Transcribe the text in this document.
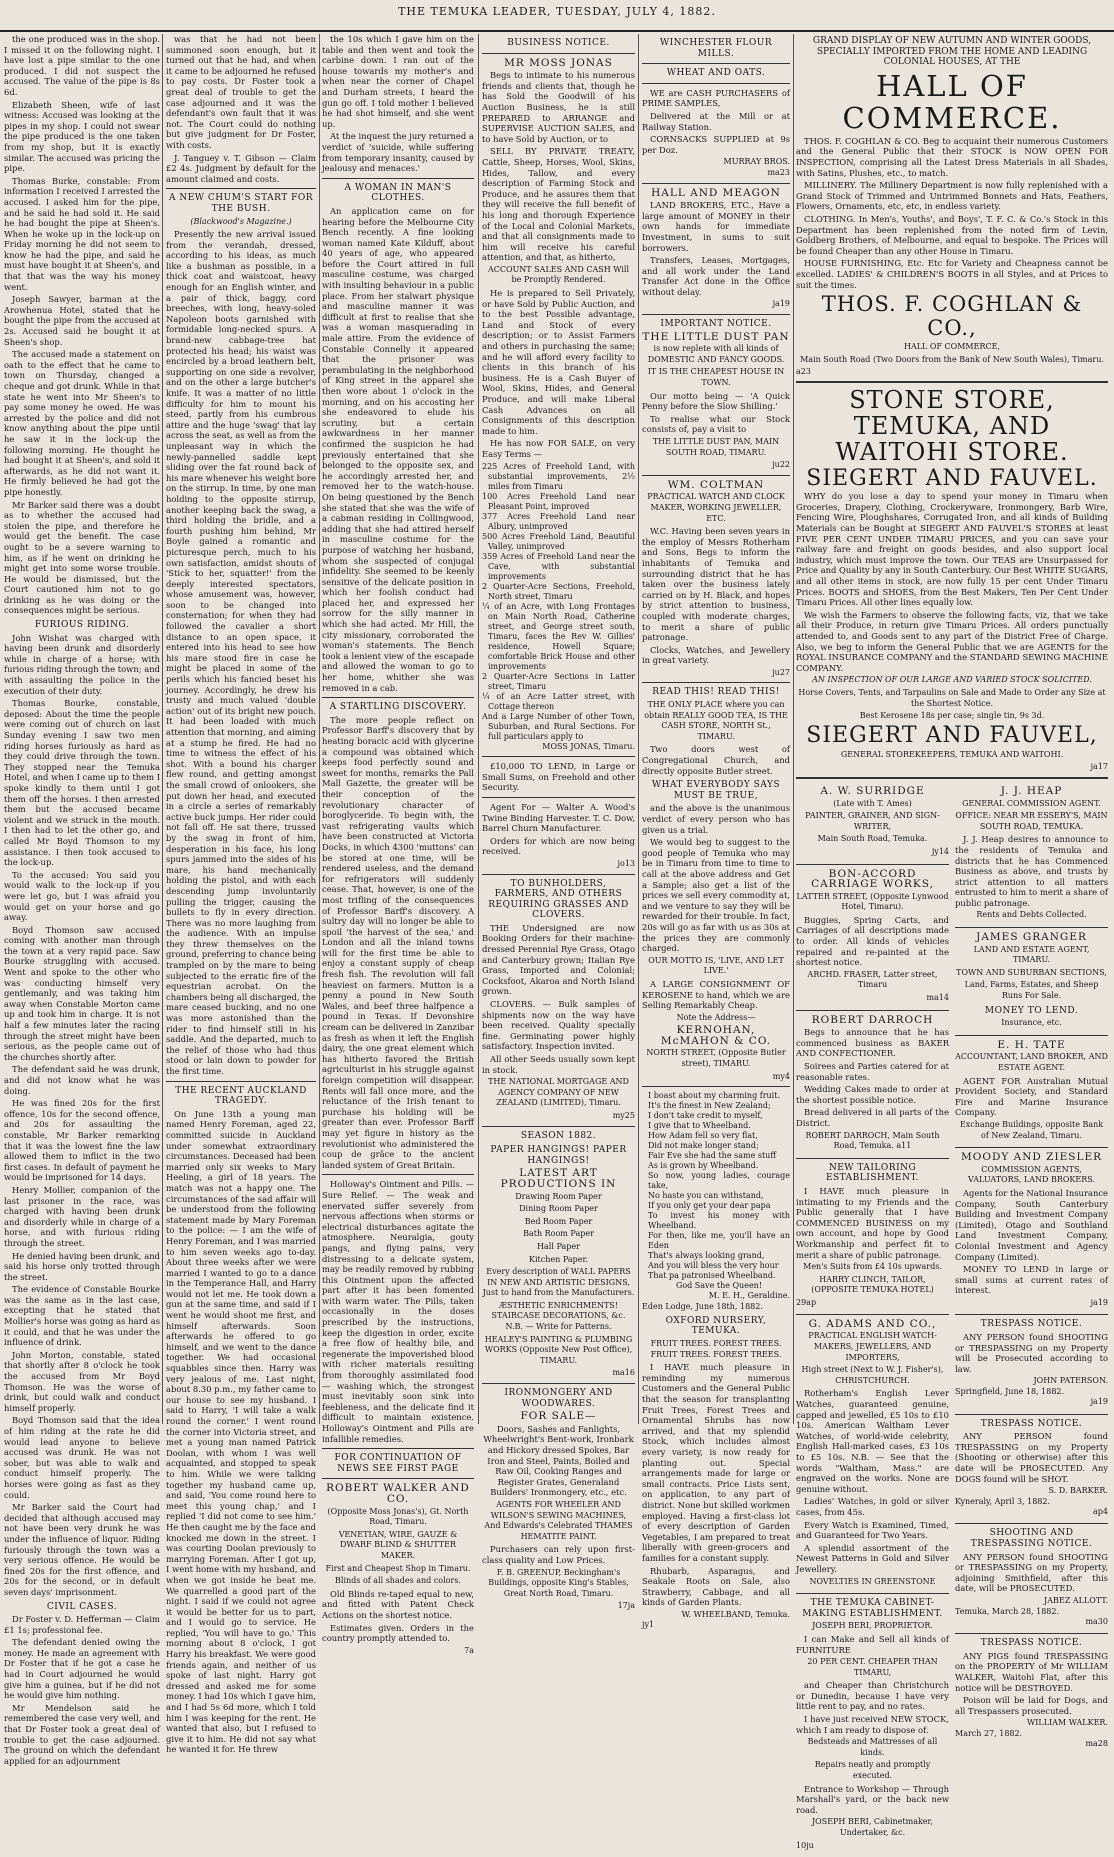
THE TEMUKA LEADER, TUESDAY, JULY 4, 1882.

the one produced was in the shop. I missed it on the following night. I have lost a pipe similar to the one produced. I did not suspect the accused. The value of the pipe is 8s 6d.

Elizabeth Sheen, wife of last witness: Accused was looking at the pipes in my shop. I could not swear the pipe produced is the one taken from my shop, but it is exactly similar. The accused was pricing the pipe.

Thomas Burke, constable: From information I received I arrested the accused. I asked him for the pipe, and he said he had sold it. He said he had bought the pipe at Sheen's. When he woke up in the lock-up on Friday morning he did not seem to know he had the pipe, and said he must have bought it at Sheen's, and that that was the way his money went.

Joseph Sawyer, barman at the Arowhenua Hotel, stated that he bought the pipe from the accused at 2s. Accused said he bought it at Sheen's shop.

The accused made a statement on oath to the effect that he came to town on Thursday, changed a cheque and got drunk. While in that state he went into Mr Sheen's to pay some money he owed. He was arrested by the police and did not know anything about the pipe until he saw it in the lock-up the following morning. He thought he had bought it at Sheen's, and sold it afterwards, as he did not want it. He firmly believed he had got the pipe honestly.

Mr Barker said there was a doubt as to whether the accused had stolen the pipe, and therefore he would get the benefit. The case ought to be a severe warning to him, as if he went on drinking he might get into some worse trouble. He would be dismissed, but the Court cautioned him not to go drinking as he was doing or the consequences might be serious.

FURIOUS RIDING.

John Wishat was charged with having been drunk and disorderly while in charge of a horse; with furious riding through the town; and with assaulting the police in the execution of their duty.

Thomas Bourke, constable, deposed: About the time the people were coming out of church on last Sunday evening I saw two men riding horses furiously as hard as they could drive through the town. They stopped near the Temuka Hotel, and when I came up to them I spoke kindly to them until I got them off the horses. I then arrested them but the accused became violent and we struck in the mouth. I then had to let the other go, and called Mr Boyd Thomson to my assistance. I then took accused to the lock-up.

To the accused: You said you would walk to the lock-up if you were let go, but I was afraid you would get on your horse and go away.

Boyd Thomson saw accused coming with another man through the town at a very rapid pace. Saw Bourke struggling with accused. Went and spoke to the other who was conducting himself very gentlemanly, and was taking him away when Constable Morton came up and took him in charge. It is not half a few minutes later the racing through the street might have been serious, as the people came out of the churches shortly after.

The defendant said he was drunk, and did not know what he was doing.

He was fined 20s for the first offence, 10s for the second offence, and 20s for assaulting the constable, Mr Barker remarking that it was the lowest fine the law allowed them to inflict in the two first cases. In default of payment he would be imprisoned for 14 days.

Henry Mollier, companion of the last prisoner in the race, was charged with having been drunk and disorderly while in charge of a horse, and with furious riding through the street.

He denied having been drunk, and said his horse only trotted through the street.

The evidence of Constable Bourke was the same as in the last case, excepting that he stated that Mollier's horse was going as hard as it could, and that he was under the influence of drink.

John Morton, constable, stated that shortly after 8 o'clock he took the accused from Mr Boyd Thomson. He was the worse of drink, but could walk and conduct himself properly.

Boyd Thomson said that the idea of him riding at the rate he did would lead anyone to believe accused was drunk. He was not sober, but was able to walk and conduct himself properly. The horses were going as fast as they could.

Mr Barker said the Court had decided that although accused may not have been very drunk he was under the influence of liquor. Riding furiously through the town was a very serious offence. He would be fined 20s for the first offence, and 20s for the second, or in default seven days' imprisonment.

CIVIL CASES.

Dr Foster v. D. Hefferman — Claim £1 1s; professional fee.

The defendant denied owing the money. He made an agreement with Dr Foster that if he got a case he had in Court adjourned he would give him a guinea, but if he did not he would give him nothing.

Mr Mendelson said he remembered the case very well, and that Dr Foster took a great deal of trouble to get the case adjourned. The ground on which the defendant applied for an adjournment

was that he had not been summoned soon enough, but it turned out that he had, and when it came to be adjourned he refused to pay costs. Dr Foster took a great deal of trouble to get the case adjourned and it was the defendant's own fault that it was not. The Court could do nothing but give judgment for Dr Foster, with costs.

J. Tanguey v. T. Gibson — Claim £2 4s. Judgment by default for the amount claimed and costs.

A NEW CHUM'S START FOR THE BUSH.
(Blackwood's Magazine.)

Presently the new arrival issued from the verandah, dressed, according to his ideas, as much like a bushman as possible, in a thick coat and waistcoat, heavy enough for an English winter, and a pair of thick, baggy, cord breeches, with long, heavy-soled Napoleon boots garnished with formidable long-necked spurs. A brand-new cabbage-tree hat protected his head; his waist was encircled by a broad leathern belt, supporting on one side a revolver, and on the other a large butcher's knife. It was a matter of no little difficulty for him to mount his steed, partly from his cumbrous attire and the huge 'swag' that lay across the seat, as well as from the unpleasant way in which the newly-pannelled saddle kept sliding over the fat round back of his mare whenever his weight bore on the stirrup. In time, by one man holding to the opposite stirrup, another keeping back the swag, a third holding the bridle, and a fourth pushing him behind, Mr Boyle gained a romantic and picturesque perch, much to his own satisfaction, amidst shouts of 'Stick to her, squatter!' from the deeply interested spectators, whose amusement was, however, soon to be changed into consternation; for when they had followed the cavalier a short distance to an open space, it entered into his head to see how his mare stood fire in case he might be placed in some of the perils which his fancied beset his journey. Accordingly, he drew his trusty and much valued 'double action' out of its bright new pouch. It had been loaded with much attention that morning, and aiming at a stump he fired. He had no time to witness the effect of his shot. With a bound his charger flew round, and getting amongst the small crowd of onlookers, she put down her head, and executed in a circle a series of remarkably active buck jumps. Her rider could not fall off. He sat there, trussed by the swag in front of him, desperation in his face, his long spurs jammed into the sides of his mare, his hand mechanically holding the pistol, and with each descending jump involuntarily pulling the trigger, causing the bullets to fly in every direction. There was no more laughing from the audience. With an impulse they threw themselves on the ground, preferring to chance being trampled on by the mare to being subjected to the erratic fire of the equestrian acrobat. On the chambers being all discharged, the mare ceased bucking, and no one was more astonished than the rider to find himself still in his saddle. And the departed, much to the relief of those who had thus stood or lain down to powder for the first time.

THE RECENT AUCKLAND TRAGEDY.

On June 13th a young man named Henry Foreman, aged 22, committed suicide in Auckland under somewhat extraordinary circumstances. Deceased had been married only six weeks to Mary Heeling, a girl of 18 years. The match was not a happy one. The circumstances of the sad affair will be understood from the following statement made by Mary Foreman to the police: — I am the wife of Henry Foreman, and I was married to him seven weeks ago to-day. About three weeks after we were married I wanted to go to a dance in the Temperance Hall, and Harry would not let me. He took down a gun at the same time, and said if I went he would shoot me first, and himself afterwards. Soon afterwards he offered to go himself, and we went to the dance together. We had occasional squabbles since then. Harry was very jealous of me. Last night, about 8.30 p.m., my father came to our house to see my husband. I said to Harry, 'I will take a walk round the corner.' I went round the corner into Victoria street, and met a young man named Patrick Doolan, with whom I was well acquainted, and stopped to speak to him. While we were talking together my husband came up, and said, 'You come round here to meet this young chap,' and I replied 'I did not come to see him.' He then caught me by the face and knocked me down in the street. I was courting Doolan previously to marrying Foreman. After I got up, I went home with my husband, and when we got inside he beat me. We quarrelled a good part of the night. I said if we could not agree it would be better for us to part, and I would go to service. He replied, 'You will have to go.' This morning about 8 o'clock, I got Harry his breakfast. We were good friends again, and neither of us spoke of last night. Harry got dressed and asked me for some money. I had 10s which I gave him, and I had 5s 6d more, which I told him I was keeping for the rent. He wanted that also, but I refused to give it to him. He did not say what he wanted it for. He threw

the 10s which I gave him on the table and then went and took the carbine down. I ran out of the house towards my mother's and when near the corner of Chapel and Durham streets, I heard the gun go off. I told mother I believed he had shot himself, and she went up.

At the inquest the jury returned a verdict of 'suicide, while suffering from temporary insanity, caused by jealousy and menaces.'

A WOMAN IN MAN'S CLOTHES.

An application came on for hearing before the Melbourne City Bench recently. A fine looking woman named Kate Kilduff, about 40 years of age, who appeared before the Court attired in full masculine costume, was charged with insulting behaviour in a public place. From her stalwart physique and masculine manner it was difficult at first to realise that she was a woman masquerading in male attire. From the evidence of Constable Connelly it appeared that the prisoner was perambulating in the neighborhood of King street in the apparel she then wore about 1 o'clock in the morning, and on his accosting her she endeavored to elude his scrutiny, but a certain awkwardness in her manner confirmed the suspicion he had previously entertained that she belonged to the opposite sex, and he accordingly arrested her, and removed her to the watch-house. On being questioned by the Bench she stated that she was the wife of a cabman residing in Collingwood, adding that she had attired herself in masculine costume for the purpose of watching her husband, whom she suspected of conjugal infidelity. She seemed to be keenly sensitive of the delicate position in which her foolish conduct had placed her, and expressed her sorrow for the silly manner in which she had acted. Mr Hill, the city missionary, corroborated the woman's statements. The Bench took a lenient view of the escapade and allowed the woman to go to her home, whither she was removed in a cab.

A STARTLING DISCOVERY.

The more people reflect on Professor Barff's discovery that by heating boracic acid with glycerine a compound was obtained which keeps food perfectly sound and sweet for months, remarks the Pall Mall Gazette, the greater will be their conception of the revolutionary character of boroglyceride. To begin with, the vast refrigerating vaults which have been constructed at Victoria Docks, in which 4300 'muttons' can be stored at one time, will be rendered useless, and the demand for refrigerators will suddenly cease. That, however, is one of the most trifling of the consequences of Professor Barff's discovery. A sultry day will no longer be able to spoil 'the harvest of the sea,' and London and all the inland towns will for the first time be able to enjoy a constant supply of cheap fresh fish. The revolution will fall heaviest on farmers. Mutton is a penny a pound in New South Wales, and beef three halfpence a pound in Texas. If Devonshire cream can be delivered in Zanzibar as fresh as when it left the English dairy, the one great element which has hitherto favored the British agriculturist in his struggle against foreign competition will disappear. Rents will fall once more, and the reluctance of the Irish tenant to purchase his holding will be greater than ever. Professor Barff may yet figure in history as the revolutionist who administered the coup de grâce to the ancient landed system of Great Britain.

Holloway's Ointment and Pills. — Sure Relief. — The weak and enervated suffer severely from nervous affections when storms or electrical disturbances agitate the atmosphere. Neuralgia, gouty pangs, and flying pains, very distressing to a delicate system, may be readily removed by rubbing this Ointment upon the affected part after it has been fomented with warm water. The Pills, taken occasionally in the doses prescribed by the instructions, keep the digestion in order, excite a free flow of healthy bile, and regenerate the impoverished blood with richer materials resulting from thoroughly assimilated food — washing which, the strongest must inevitably soon sink into feebleness, and the delicate find it difficult to maintain existence. Holloway's Ointment and Pills are infallible remedies.

FOR CONTINUATION OF NEWS SEE FIRST PAGE
ROBERT WALKER AND CO.
(Opposite Moss Jonas's), Gt. North Road, Timaru.
VENETIAN, WIRE, GAUZE & DWARF BLIND & SHUTTER MAKER.
First and Cheapest Shop in Timaru.
Blinds of all shades and colors.

Old Blinds re-taped equal to new, and fitted with Patent Check Actions on the shortest notice.

Estimates given. Orders in the country promptly attended to.

7a
BUSINESS NOTICE.
MR MOSS JONAS

Begs to intimate to his numerous friends and clients that, though he has Sold the Goodwill of his Auction Business, he is still PREPARED to ARRANGE and SUPERVISE AUCTION SALES, and to have Sold by Auction, or to

SELL BY PRIVATE TREATY, Cattle, Sheep, Horses, Wool, Skins, Hides, Tallow, and every description of Farming Stock and Produce, and he assures them that they will receive the full benefit of his long and thorough Experience of the Local and Colonial Markets, and that all consignments made to him will receive his careful attention, and that, as hitherto,

ACCOUNT SALES AND CASH Will be Promptly Rendered.

He is prepared to Sell Privately, or have Sold by Public Auction, and to the best Possible advantage, Land and Stock of every description; or to Assist Farmers and others in purchasing the same; and he will afford every facility to clients in this branch of his business. He is a Cash Buyer of Wool, Skins, Hides, and General Produce, and will make Liberal Cash Advances on all Consignments of this description made to him.

He has now FOR SALE, on very Easy Terms —

225 Acres of Freehold Land, with substantial improvements, 2½ miles from Timaru
100 Acres Freehold Land near Pleasant Point, improved
377 Acres Freehold Land near Albury, unimproved
500 Acres Freehold Land, Beautiful Valley, unimproved
359 Acres of Freehold Land near the Cave, with substantial improvements
2 Quarter-Acre Sections, Freehold, North street, Timaru
¼ of an Acre, with Long Frontages on Main North Road, Catherine street, and George street south, Timaru, faces the Rev W. Gillies' residence, Howell Square; comfortable Brick House and other improvements
2 Quarter-Acre Sections in Latter street, Timaru
¼ of an Acre Latter street, with Cottage thereon
And a Large Number of other Town, Suburban, and Rural Sections. For full particulars apply to
MOSS JONAS, Timaru.

£10,000 TO LEND, in Large or Small Sums, on Freehold and other Security.

Agent For — Walter A. Wood's Twine Binding Harvester. T. C. Dow, Barrel Churn Manufacturer.

Orders for which are now being received.

jo13
TO BUNHOLDERS, FARMERS, AND OTHERS REQUIRING GRASSES AND CLOVERS.

THE Undersigned are now Booking Orders for their machine-dressed Perennial Rye Grass, Otago and Canterbury grown; Italian Rye Grass, Imported and Colonial; Cocksfoot, Akaroa and North Island grown.

CLOVERS. — Bulk samples of shipments now on the way have been received. Quality specially fine. Germinating power highly satisfactory. Inspection invited.

All other Seeds usually sown kept in stock.

THE NATIONAL MORTGAGE AND AGENCY COMPANY OF NEW ZEALAND (LIMITED), Timaru.
my25
SEASON 1882.
PAPER HANGINGS! PAPER HANGINGS!
LATEST ART PRODUCTIONS IN
Drawing Room Paper
Dining Room Paper
Bed Room Paper
Bath Room Paper
Hall Paper
Kitchen Paper.
Every description of WALL PAPERS IN NEW AND ARTISTIC DESIGNS, Just to hand from the Manufacturers.
ÆSTHETIC ENRICHMENTS! STAIRCASE DECORATIONS, &c. N.B. — Write for Patterns.
HEALEY'S PAINTING & PLUMBING WORKS (Opposite New Post Office), TIMARU.
ma16
IRONMONGERY AND WOODWARES.
FOR SALE—

Doors, Sashes and Fanlights, Wheelwright's Bent-work, Ironbark and Hickory dressed Spokes, Bar Iron and Steel, Paints, Boiled and Raw Oil, Cooking Ranges and Register Grates, Generaland Builders' Ironmongery, etc., etc.

AGENTS FOR WHEELER AND WILSON'S SEWING MACHINES, And Edwards's Celebrated THAMES HEMATITE PAINT.

Purchasers can rely upon first-class quality and Low Prices.

F. B. GREENUP, Beckingham's Buildings, opposite King's Stables, Great North Road, Timaru.
17ja
WINCHESTER FLOUR MILLS.
WHEAT AND OATS.

WE are CASH PURCHASERS of PRIME SAMPLES,

Delivered at the Mill or at Railway Station.

CORNSACKS SUPPLIED at 9s per Doz.

MURRAY BROS.
ma23
HALL AND MEAGON

LAND BROKERS, ETC., Have a large amount of MONEY in their own hands for immediate Investment, in sums to suit borrowers.

Transfers, Leases, Mortgages, and all work under the Land Transfer Act done in the Office without delay.

ja19
IMPORTANT NOTICE.
THE LITTLE DUST PAN
is now replete with all kinds of DOMESTIC AND FANCY GOODS.
IT IS THE CHEAPEST HOUSE IN TOWN.

Our motto being — 'A Quick Penny before the Slow Shilling.'

To realise what our Stock consists of, pay a visit to

THE LITTLE DUST PAN, MAIN SOUTH ROAD, TIMARU.
ju22
WM. COLTMAN
PRACTICAL WATCH AND CLOCK MAKER, WORKING JEWELLER, ETC.

W.C. Having been seven years in the employ of Messrs Rotherham and Sons, Begs to inform the inhabitants of Temuka and surrounding district that he has taken over the business lately carried on by H. Black, and hopes by strict attention to business, coupled with moderate charges, to merit a share of public patronage.

Clocks, Watches, and Jewellery in great variety.

ju27
READ THIS! READ THIS!
THE ONLY PLACE where you can obtain REALLY GOOD TEA, IS THE CASH STORE, NORTH St., TIMARU.

Two doors west of Congregational Church, and directly opposite Butler street.

WHAT EVERYBODY SAYS MUST BE TRUE,

and the above is the unanimous verdict of every person who has given us a trial.

We would beg to suggest to the good people of Temuka who may be in Timaru from time to time to call at the above address and Get a Sample; also get a list of the prices we sell every commodity at, and we venture to say they will be rewarded for their trouble. In fact, 20s will go as far with us as 30s at the prices they are commonly charged.

OUR MOTTO IS, 'LIVE, AND LET LIVE.'

A LARGE CONSIGNMENT OF KEROSENE to hand, which we are Selling Remarkably Cheap.

Note the Address—
KERNOHAN, McMAHON & CO.
NORTH STREET, (Opposite Butler street), TIMARU.
my4
I boast about my charming fruit.
It's the finest in New Zealand;
I don't take credit to myself,
I give that to Wheelband.
How Adam fell so very flat,
Did not make longer stand;
Fair Eve she had the same stuff
As is grown by Wheelband.
So now, young ladies, courage take,
No haste you can withstand,
If you only get your dear papa
To invest his money with Wheelband.
For then, like me, you'll have an Eden
That's always looking grand,
And you will bless the very hour
That pa patronised Wheelband.
God Save the Queen!
M. E. H., Geraldine.
Eden Lodge, June 18th, 1882.
OXFORD NURSERY, TEMUKA.
FRUIT TREES. FOREST TREES. FRUIT TREES. FOREST TREES.

I HAVE much pleasure in reminding my numerous Customers and the General Public that the season for transplanting Fruit Trees, Forest Trees and Ornamental Shrubs has now arrived, and that my splendid Stock, which includes almost every variety, is now ready for planting out. Special arrangements made for large or small contracts. Price Lists sent, on application, to any part of district. None but skilled workmen employed. Having a first-class lot of every description of Garden Vegetables, I am prepared to treat liberally with green-grocers and families for a constant supply.

Rhubarb, Asparagus, and Seakale Roots on Sale, also Strawberry, Cabbage, and all kinds of Garden Plants.

W. WHEELBAND, Temuka.
jy1
GRAND DISPLAY OF NEW AUTUMN AND WINTER GOODS, SPECIALLY IMPORTED FROM THE HOME AND LEADING COLONIAL HOUSES, AT THE
HALL OF COMMERCE.

THOS. F. COGHLAN & CO. Beg to acquaint their numerous Customers and the General Public that their STOCK is NOW OPEN FOR INSPECTION, comprising all the Latest Dress Materials in all Shades, with Satins, Plushes, etc., to match.

MILLINERY. The Millinery Department is now fully replenished with a Grand Stock of Trimmed and Untrimmed Bonnets and Hats, Feathers, Flowers, Ornaments, etc, etc, in endless variety.

CLOTHING. In Men's, Youths', and Boys', T. F. C. & Co.'s Stock in this Department has been replenished from the noted firm of Levin, Goldberg Brothers, of Melbourne, and equal to bespoke. The Prices will be found Cheaper than any other House in Timaru.

HOUSE FURNISHING, Etc. Etc for Variety and Cheapness cannot be excelled. LADIES' & CHILDREN'S BOOTS in all Styles, and at Prices to suit the times.

THOS. F. COGHLAN & CO.,
HALL OF COMMERCE,
Main South Road (Two Doors from the Bank of New South Wales), Timaru.
a23
STONE STORE, TEMUKA, AND WAITOHI STORE.
SIEGERT AND FAUVEL.

WHY do you lose a day to spend your money in Timaru when Groceries, Drapery, Clothing, Crockeryware, Ironmongery, Barb Wire, Fencing Wire, Ploughshares, Corrugated Iron, and all kinds of Building Materials can be Bought at SIEGERT AND FAUVEL'S STORES at least FIVE PER CENT UNDER TIMARU PRICES, and you can save your railway fare and freight on goods besides, and also support local industry, which must improve the town. Our TEAS are Unsurpassed for Price and Quality by any in South Canterbury. Our Best WHITE SUGARS, and all other items in stock, are now fully 15 per cent Under Timaru Prices. BOOTS and SHOES, from the Best Makers, Ten Per Cent Under Timaru Prices. All other lines equally low.

We wish the Farmers to observe the following facts, viz, that we take all their Produce, in return give Timaru Prices. All orders punctually attended to, and Goods sent to any part of the District Free of Charge. Also, we beg to inform the General Public that we are AGENTS for the ROYAL INSURANCE COMPANY and the STANDARD SEWING MACHINE COMPANY.

AN INSPECTION OF OUR LARGE AND VARIED STOCK SOLICITED.
Horse Covers, Tents, and Tarpaulins on Sale and Made to Order any Size at the Shortest Notice.
Best Kerosene 18s per case; single tin, 9s 3d.
SIEGERT AND FAUVEL,
GENERAL STOREKEEPERS, TEMUKA AND WAITOHI.
ja17
A. W. SURRIDGE
(Late with T. Ames)
PAINTER, GRAINER, AND SIGN-WRITER,
Main South Road, Temuka.
jy14
BON-ACCORD CARRIAGE WORKS,
LATTER STREET, (Opposite Lynwood Hotel, Timaru).

Buggies, Spring Carts, and Carriages of all descriptions made to order. All kinds of vehicles repaired and re-painted at the shortest notice.

ARCHD. FRASER, Latter street, Timaru
ma14
ROBERT DARROCH

Begs to announce that he has commenced business as BAKER AND CONFECTIONER.

Soirees and Parties catered for at reasonable rates.

Wedding Cakes made to order at the shortest possible notice.

Bread delivered in all parts of the District.

ROBERT DARROCH, Main South Road, Temuka. a11
NEW TAILORING ESTABLISHMENT.

I HAVE much pleasure in intimating to my Friends and the Public generally that I have COMMENCED BUSINESS on my own account, and hope by Good Workmanship and perfect fit to merit a share of public patronage.

Men's Suits from £4 10s upwards.
HARRY CLINCH, TAILOR, (OPPOSITE TEMUKA HOTEL)
29ap
G. ADAMS AND CO.,
PRACTICAL ENGLISH WATCH-MAKERS, JEWELLERS, AND IMPORTERS,
High street (Next to W. J. Fisher's), CHRISTCHURCH.

Rotherham's English Lever Watches, guaranteed genuine, capped and jewelled, £5 10s to £10 10s. American Waltham Lever Watches, of world-wide celebrity, English Hall-marked cases, £3 10s to £5 10s. N.B. — See that the words "Waltham, Mass." are engraved on the works. None are genuine without.

Ladies' Watches, in gold or silver cases, from 45s.

Every Watch is Examined, Timed, and Guaranteed for Two Years.

A splendid assortment of the Newest Patterns in Gold and Silver Jewellery.

NOVELTIES IN GREENSTONE
THE TEMUKA CABINET-MAKING ESTABLISHMENT.
JOSEPH BERI, PROPRIETOR.

I can Make and Sell all kinds of FURNITURE

20 PER CENT. CHEAPER THAN TIMARU,

and Cheaper than Christchurch or Dunedin, because I have very little rent to pay, and no rates.

I have just received NEW STOCK, which I am ready to dispose of.

Bedsteads and Mattresses of all kinds.
Repairs neatly and promptly executed.

Entrance to Workshop — Through Marshall's yard, or the back new road.

JOSEPH BERI, Cabinetmaker, Undertaker, &c.
10ju
J. J. HEAP
GENERAL COMMISSION AGENT.
OFFICE: NEAR MR ESSERY'S, MAIN SOUTH ROAD, TEMUKA.

J. J. Heap desires to announce to the residents of Temuka and districts that he has Commenced Business as above, and trusts by strict attention to all matters entrusted to him to merit a share of public patronage.

Rents and Debts Collected.
JAMES GRANGER
LAND AND ESTATE AGENT, TIMARU.
TOWN AND SUBURBAN SECTIONS,
Land, Farms, Estates, and Sheep Runs For Sale.
MONEY TO LEND.
Insurance, etc.
E. H. TATE
ACCOUNTANT, LAND BROKER, AND ESTATE AGENT.

AGENT FOR Australian Mutual Provident Society, and Standard Fire and Marine Insurance Company.

Exchange Buildings, opposite Bank of New Zealand, Timaru.
MOODY AND ZIESLER
COMMISSION AGENTS, VALUATORS, LAND BROKERS.

Agents for the National Insurance Company, South Canterbury Building and Investment Company (Limited), Otago and Southland Land Investment Company, Colonial Investment and Agency Company (Limited).

MONEY TO LEND in large or small sums at current rates of interest.

ja19
TRESPASS NOTICE.

ANY PERSON found SHOOTING or TRESPASSING on my Property will be Prosecuted according to law.

JOHN PATERSON.
Springfield, June 18, 1882.
ja19
TRESPASS NOTICE.

ANY PERSON found TRESPASSING on my Property (Shooting or otherwise) after this date will be PROSECUTED. Any DOGS found will be SHOT.

S. D. BARKER.
Kyneraly, April 3, 1882.
ap4
SHOOTING AND TRESPASSING NOTICE.

ANY PERSON found SHOOTING or TRESPASSING on my Property, adjoining Smithfield, after this date, will be PROSECUTED.

JABEZ ALLOTT.
Temuka, March 28, 1882.
ma30
TRESPASS NOTICE.

ANY PIGS found TRESPASSING on the PROPERTY of Mr WILLIAM WALKER, Waitohi Flat, after this notice will be DESTROYED.

Poison will be laid for Dogs, and all Trespassers prosecuted.

WILLIAM WALKER.
March 27, 1882.
ma28
